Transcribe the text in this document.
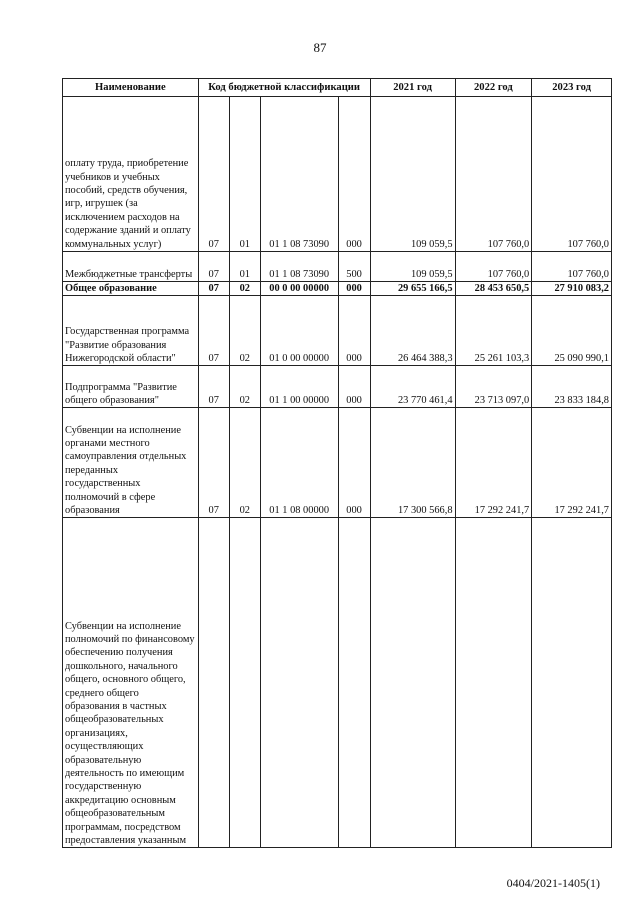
87
Наименование	Код бюджетной классификации				2021 год	2022 год	2023 год
оплату труда, приобретение учебников и учебных пособий, средств обучения, игр, игрушек (за исключением расходов на содержание зданий и оплату коммунальных услуг)	07	01	01 1 08 73090	000	109 059,5	107 760,0	107 760,0
Межбюджетные трансферты	07	01	01 1 08 73090	500	109 059,5	107 760,0	107 760,0
Общее образование	07	02	00 0 00 00000	000	29 655 166,5	28 453 650,5	27 910 083,2
Государственная программа "Развитие образования Нижегородской области"	07	02	01 0 00 00000	000	26 464 388,3	25 261 103,3	25 090 990,1
Подпрограмма "Развитие общего образования"	07	02	01 1 00 00000	000	23 770 461,4	23 713 097,0	23 833 184,8
Субвенции на исполнение органами местного самоуправления отдельных переданных государственных полномочий в сфере образования	07	02	01 1 08 00000	000	17 300 566,8	17 292 241,7	17 292 241,7
Субвенции на исполнение полномочий по финансовому обеспечению получения дошкольного, начального общего, основного общего, среднего общего образования в частных общеобразовательных организациях, осуществляющих образовательную деятельность по имеющим государственную аккредитацию основным общеобразовательным программам, посредством предоставления указанным							
0404/2021-1405(1)
